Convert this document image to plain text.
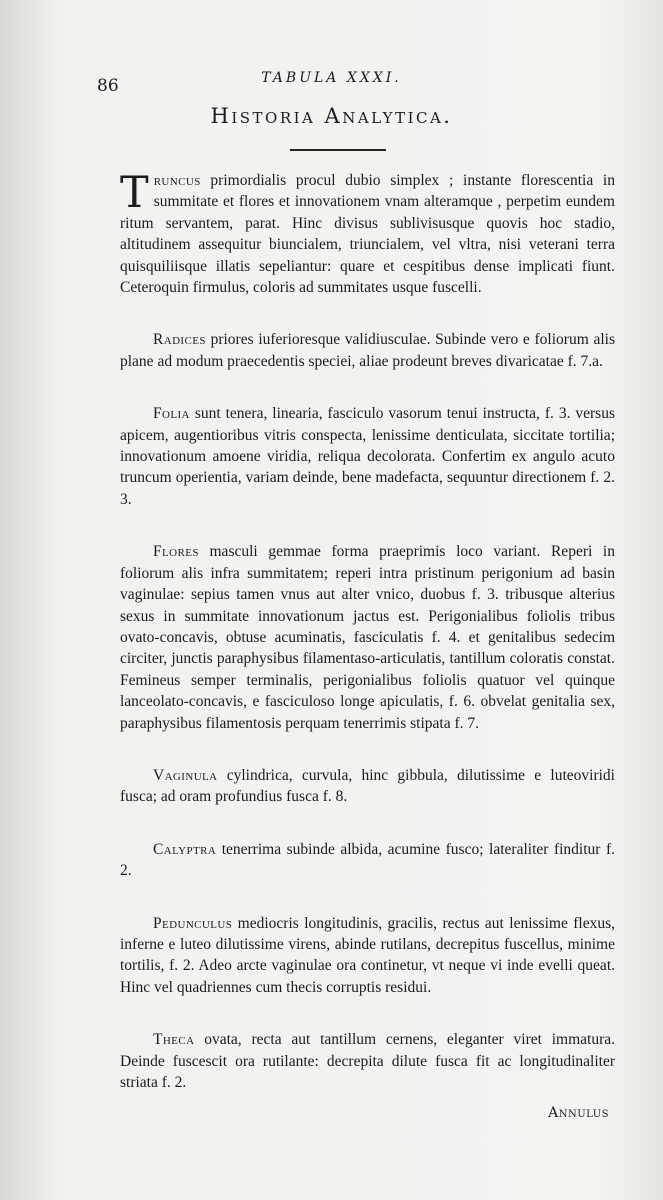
86	TABULA XXXI.
Historia Analytica.

Truncus primordialis procul dubio simplex ; instante florescentia in summitate et flores et innovationem vnam alteramque , perpetim eundem ritum servantem, parat. Hinc divisus sublivisusque quovis hoc stadio, altitudinem assequitur biuncialem, triuncialem, vel vltra, nisi veterani terra quisquiliisque illatis sepeliantur: quare et cespitibus dense implicati fiunt. Ceteroquin firmulus, coloris ad summitates usque fuscelli.

Radices priores iuferioresque validiusculae. Subinde vero e foliorum alis plane ad modum praecedentis speciei, aliae prodeunt breves divaricatae f. 7.a.

Folia sunt tenera, linearia, fasciculo vasorum tenui instructa, f. 3. versus apicem, augentioribus vitris conspecta, lenissime denticulata, siccitate tortilia; innovationum amoene viridia, reliqua decolorata. Confertim ex angulo acuto truncum operientia, variam deinde, bene madefacta, sequuntur directionem f. 2. 3.

Flores masculi gemmae forma praeprimis loco variant. Reperi in foliorum alis infra summitatem; reperi intra pristinum perigonium ad basin vaginulae: sepius tamen vnus aut alter vnico, duobus f. 3. tribusque alterius sexus in summitate innovationum jactus est. Perigonialibus foliolis tribus ovato-concavis, obtuse acuminatis, fasciculatis f. 4. et genitalibus sedecim circiter, junctis paraphysibus filamentaso-articulatis, tantillum coloratis constat. Femineus semper terminalis, perigonialibus foliolis quatuor vel quinque lanceolato-concavis, e fasciculoso longe apiculatis, f. 6. obvelat genitalia sex, paraphysibus filamentosis perquam tenerrimis stipata f. 7.

Vaginula cylindrica, curvula, hinc gibbula, dilutissime e luteoviridi fusca; ad oram profundius fusca f. 8.

Calyptra tenerrima subinde albida, acumine fusco; lateraliter finditur f. 2.

Pedunculus mediocris longitudinis, gracilis, rectus aut lenissime flexus, inferne e luteo dilutissime virens, abinde rutilans, decrepitus fuscellus, minime tortilis, f. 2. Adeo arcte vaginulae ora continetur, vt neque vi inde evelli queat. Hinc vel quadriennes cum thecis corruptis residui.

Theca ovata, recta aut tantillum cernens, eleganter viret immatura. Deinde fuscescit ora rutilante: decrepita dilute fusca fit ac longitudinaliter striata f. 2.

Annulus
